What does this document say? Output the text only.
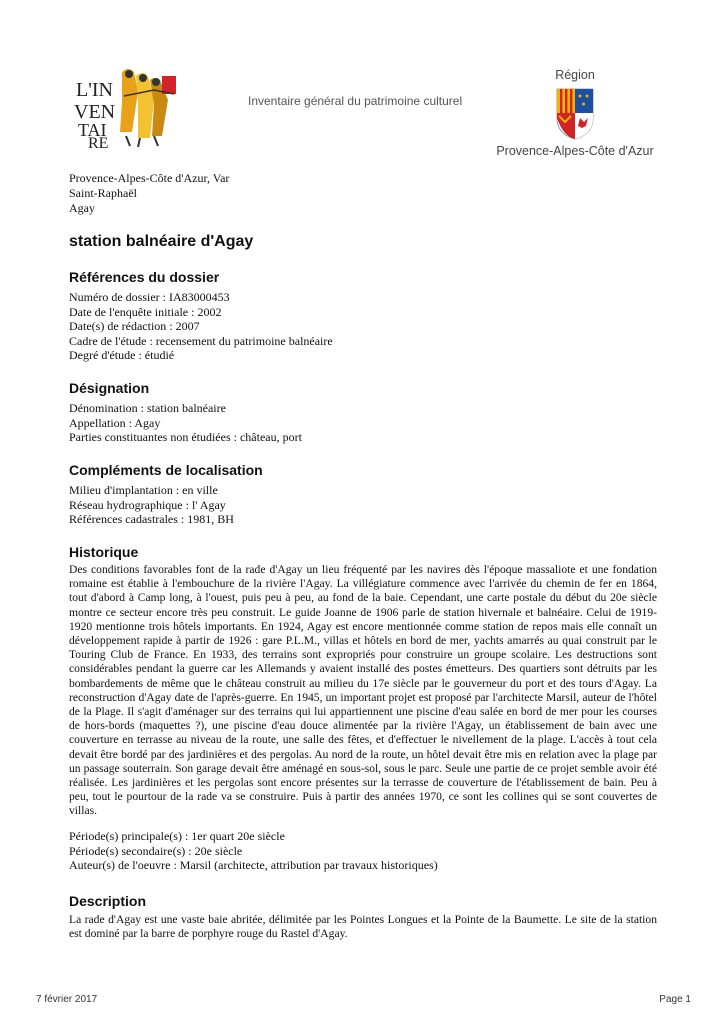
L'IN
VEN
TAI
RE
Inventaire général du patrimoine culturel
Région
Provence-Alpes-Côte d'Azur
Provence-Alpes-Côte d'Azur, Var
Saint-Raphaël
Agay
station balnéaire d'Agay
Références du dossier
Numéro de dossier : IA83000453
Date de l'enquête initiale : 2002
Date(s) de rédaction : 2007
Cadre de l'étude : recensement du patrimoine balnéaire
Degré d'étude : étudié
Désignation
Dénomination : station balnéaire
Appellation : Agay
Parties constituantes non étudiées : château, port
Compléments de localisation
Milieu d'implantation : en ville
Réseau hydrographique : l' Agay
Références cadastrales : 1981, BH
Historique

Des conditions favorables font de la rade d'Agay un lieu fréquenté par les navires dès l'époque massaliote et une fondation romaine est établie à l'embouchure de la rivière l'Agay. La villégiature commence avec l'arrivée du chemin de fer en 1864, tout d'abord à Camp long, à l'ouest, puis peu à peu, au fond de la baie. Cependant, une carte postale du début du 20e siècle montre ce secteur encore très peu construit. Le guide Joanne de 1906 parle de station hivernale et balnéaire. Celui de 1919-1920 mentionne trois hôtels importants. En 1924, Agay est encore mentionnée comme station de repos mais elle connaît un développement rapide à partir de 1926 : gare P.L.M., villas et hôtels en bord de mer, yachts amarrés au quai construit par le Touring Club de France. En 1933, des terrains sont expropriés pour construire un groupe scolaire. Les destructions sont considérables pendant la guerre car les Allemands y avaient installé des postes émetteurs. Des quartiers sont détruits par les bombardements de même que le château construit au milieu du 17e siècle par le gouverneur du port et des tours d'Agay. La reconstruction d'Agay date de l'après-guerre. En 1945, un important projet est proposé par l'architecte Marsil, auteur de l'hôtel de la Plage. Il s'agit d'aménager sur des terrains qui lui appartiennent une piscine d'eau salée en bord de mer pour les courses de hors-bords (maquettes ?), une piscine d'eau douce alimentée par la rivière l'Agay, un établissement de bain avec une couverture en terrasse au niveau de la route, une salle des fêtes, et d'effectuer le nivellement de la plage. L'accès à tout cela devait être bordé par des jardinières et des pergolas. Au nord de la route, un hôtel devait être mis en relation avec la plage par un passage souterrain. Son garage devait être aménagé en sous-sol, sous le parc. Seule une partie de ce projet semble avoir été réalisée. Les jardinières et les pergolas sont encore présentes sur la terrasse de couverture de l'établissement de bain. Peu à peu, tout le pourtour de la rade va se construire. Puis à partir des années 1970, ce sont les collines qui se sont couvertes de villas.

Période(s) principale(s) : 1er quart 20e siècle
Période(s) secondaire(s) : 20e siècle
Auteur(s) de l'oeuvre : Marsil (architecte, attribution par travaux historiques)
Description

La rade d'Agay est une vaste baie abritée, délimitée par les Pointes Longues et la Pointe de la Baumette. Le site de la station est dominé par la barre de porphyre rouge du Rastel d'Agay.

7 février 2017	Page 1
